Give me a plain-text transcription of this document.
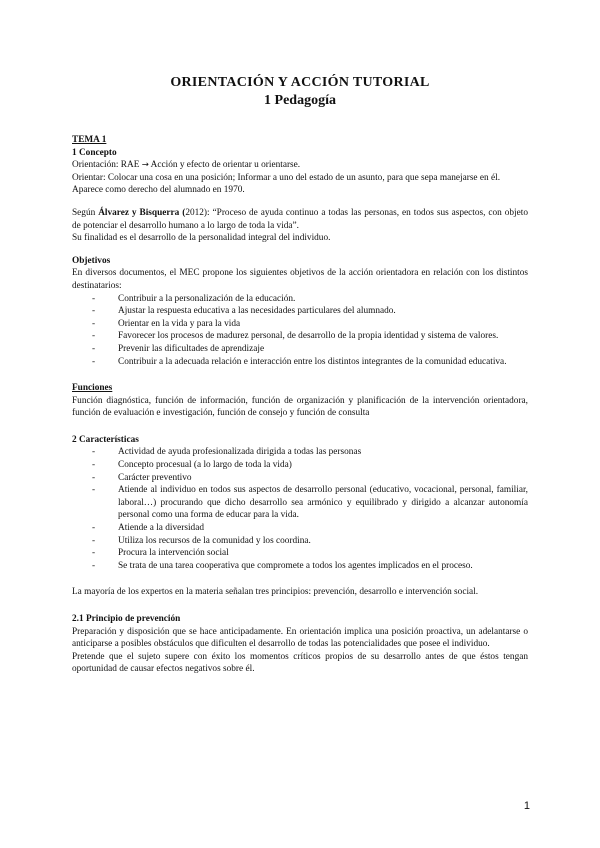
ORIENTACIÓN Y ACCIÓN TUTORIAL

1 Pedagogía

TEMA 1

1 Concepto

Orientación: RAE → Acción y efecto de orientar u orientarse.

Orientar: Colocar una cosa en una posición; Informar a uno del estado de un asunto, para que sepa manejarse en él.

Aparece como derecho del alumnado en 1970.

Según Álvarez y Bisquerra (2012): “Proceso de ayuda continuo a todas las personas, en todos sus aspectos, con objeto de potenciar el desarrollo humano a lo largo de toda la vida”.

Su finalidad es el desarrollo de la personalidad integral del individuo.

Objetivos

En diversos documentos, el MEC propone los siguientes objetivos de la acción orientadora en relación con los distintos destinatarios:

- Contribuir a la personalización de la educación.
- Ajustar la respuesta educativa a las necesidades particulares del alumnado.
- Orientar en la vida y para la vida
- Favorecer los procesos de madurez personal, de desarrollo de la propia identidad y sistema de valores.
- Prevenir las dificultades de aprendizaje
- Contribuir a la adecuada relación e interacción entre los distintos integrantes de la comunidad educativa.

Funciones

Función diagnóstica, función de información, función de organización y planificación de la intervención orientadora, función de evaluación e investigación, función de consejo y función de consulta

2 Características

- Actividad de ayuda profesionalizada dirigida a todas las personas
- Concepto procesual (a lo largo de toda la vida)
- Carácter preventivo
- Atiende al individuo en todos sus aspectos de desarrollo personal (educativo, vocacional, personal, familiar, laboral…) procurando que dicho desarrollo sea armónico y equilibrado y dirigido a alcanzar autonomía personal como una forma de educar para la vida.
- Atiende a la diversidad
- Utiliza los recursos de la comunidad y los coordina.
- Procura la intervención social
- Se trata de una tarea cooperativa que compromete a todos los agentes implicados en el proceso.

La mayoría de los expertos en la materia señalan tres principios: prevención, desarrollo e intervención social.

2.1 Principio de prevención

Preparación y disposición que se hace anticipadamente. En orientación implica una posición proactiva, un adelantarse o anticiparse a posibles obstáculos que dificulten el desarrollo de todas las potencialidades que posee el individuo.

Pretende que el sujeto supere con éxito los momentos críticos propios de su desarrollo antes de que éstos tengan oportunidad de causar efectos negativos sobre él.

1
